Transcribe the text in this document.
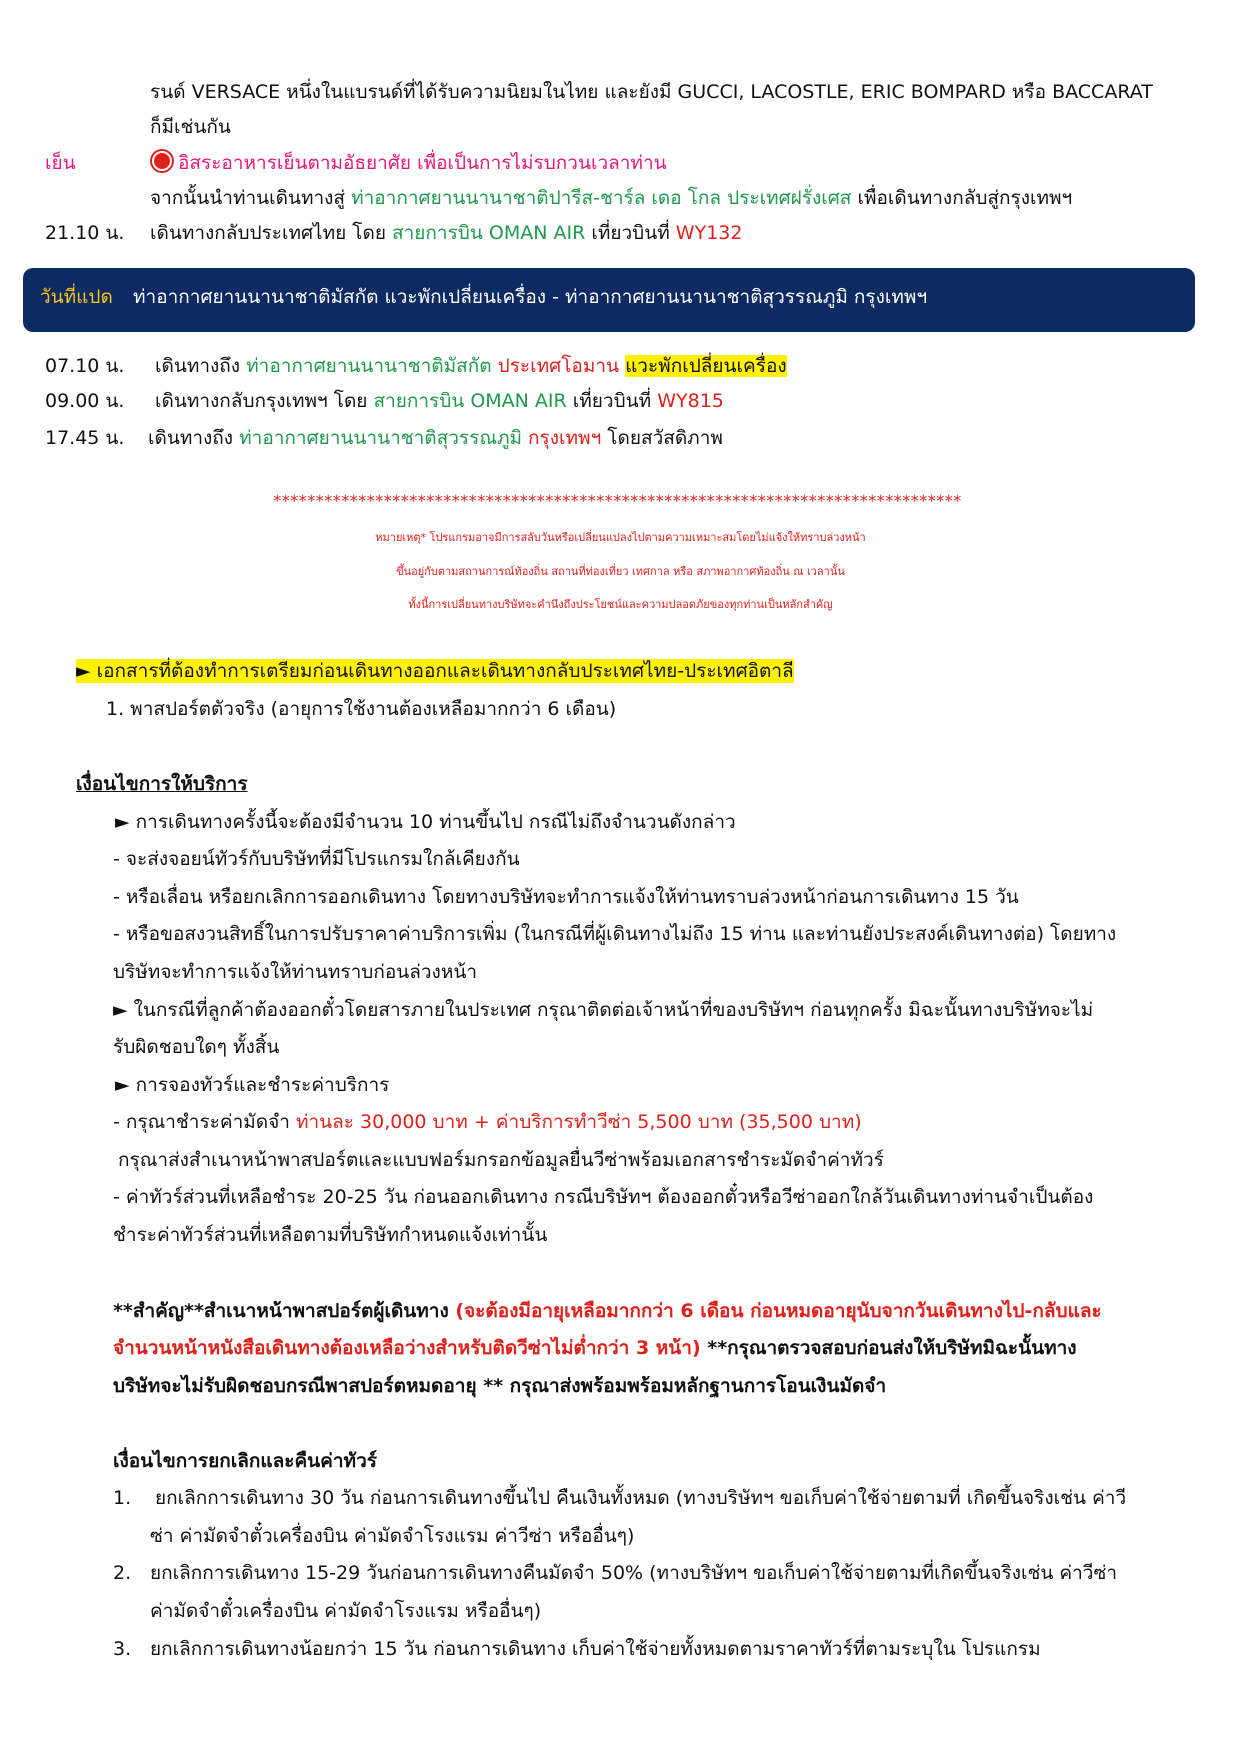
รนด์ VERSACE หนึ่งในแบรนด์ที่ได้รับความนิยมในไทย และยังมี GUCCI, LACOSTLE, ERIC BOMPARD หรือ BACCARAT
ก็มีเช่นกัน
เย็น	อิสระอาหารเย็นตามอัธยาศัย เพื่อเป็นการไม่รบกวนเวลาท่าน
จากนั้นนำท่านเดินทางสู่ ท่าอากาศยานนานาชาติปารีส-ชาร์ล เดอ โกล ประเทศฝรั่งเศส เพื่อเดินทางกลับสู่กรุงเทพฯ
21.10 น. เดินทางกลับประเทศไทย โดย สายการบิน OMAN AIR เที่ยวบินที่ WY132
วันที่แปด ท่าอากาศยานนานาชาติมัสกัต แวะพักเปลี่ยนเครื่อง - ท่าอากาศยานนานาชาติสุวรรณภูมิ กรุงเทพฯ
07.10 น. เดินทางถึง ท่าอากาศยานนานาชาติมัสกัต ประเทศโอมาน แวะพักเปลี่ยนเครื่อง
09.00 น. เดินทางกลับกรุงเทพฯ โดย สายการบิน OMAN AIR เที่ยวบินที่ WY815
17.45 น. เดินทางถึง ท่าอากาศยานนานาชาติสุวรรณภูมิ กรุงเทพฯ โดยสวัสดิภาพ
*********************************************************************************
หมายเหตุ* โปรแกรมอาจมีการสลับวันหรือเปลี่ยนแปลงไปตามความเหมาะสมโดยไม่แจ้งให้ทราบล่วงหน้า
ขึ้นอยู่กับตามสถานการณ์ท้องถิ่น สถานที่ท่องเที่ยว เทศกาล หรือ สภาพอากาศท้องถิ่น ณ เวลานั้น
ทั้งนี้การเปลี่ยนทางบริษัทจะคำนึงถึงประโยชน์และความปลอดภัยของทุกท่านเป็นหลักสำคัญ
► เอกสารที่ต้องทำการเตรียมก่อนเดินทางออกและเดินทางกลับประเทศไทย-ประเทศอิตาลี
1. พาสปอร์ตตัวจริง (อายุการใช้งานต้องเหลือมากกว่า 6 เดือน)
เงื่อนไขการให้บริการ
► การเดินทางครั้งนี้จะต้องมีจำนวน 10 ท่านขึ้นไป กรณีไม่ถึงจำนวนดังกล่าว
- จะส่งจอยน์ทัวร์กับบริษัทที่มีโปรแกรมใกล้เคียงกัน
- หรือเลื่อน หรือยกเลิกการออกเดินทาง โดยทางบริษัทจะทำการแจ้งให้ท่านทราบล่วงหน้าก่อนการเดินทาง 15 วัน
- หรือขอสงวนสิทธิ์ในการปรับราคาค่าบริการเพิ่ม (ในกรณีที่ผู้เดินทางไม่ถึง 15 ท่าน และท่านยังประสงค์เดินทางต่อ) โดยทาง
บริษัทจะทำการแจ้งให้ท่านทราบก่อนล่วงหน้า
► ในกรณีที่ลูกค้าต้องออกตั๋วโดยสารภายในประเทศ กรุณาติดต่อเจ้าหน้าที่ของบริษัทฯ ก่อนทุกครั้ง มิฉะนั้นทางบริษัทจะไม่
รับผิดชอบใดๆ ทั้งสิ้น
► การจองทัวร์และชำระค่าบริการ
- กรุณาชำระค่ามัดจำ ท่านละ 30,000 บาท + ค่าบริการทำวีซ่า 5,500 บาท (35,500 บาท)
กรุณาส่งสำเนาหน้าพาสปอร์ตและแบบฟอร์มกรอกข้อมูลยื่นวีซ่าพร้อมเอกสารชำระมัดจำค่าทัวร์
- ค่าทัวร์ส่วนที่เหลือชำระ 20-25 วัน ก่อนออกเดินทาง กรณีบริษัทฯ ต้องออกตั๋วหรือวีซ่าออกใกล้วันเดินทางท่านจำเป็นต้อง
ชำระค่าทัวร์ส่วนที่เหลือตามที่บริษัทกำหนดแจ้งเท่านั้น
**สำคัญ**สำเนาหน้าพาสปอร์ตผู้เดินทาง (จะต้องมีอายุเหลือมากกว่า 6 เดือน ก่อนหมดอายุนับจากวันเดินทางไป-กลับและ
จำนวนหน้าหนังสือเดินทางต้องเหลือว่างสำหรับติดวีซ่าไม่ต่ำกว่า 3 หน้า) **กรุณาตรวจสอบก่อนส่งให้บริษัทมิฉะนั้นทาง
บริษัทจะไม่รับผิดชอบกรณีพาสปอร์ตหมดอายุ ** กรุณาส่งพร้อมพร้อมหลักฐานการโอนเงินมัดจำ
เงื่อนไขการยกเลิกและคืนค่าทัวร์
1. ยกเลิกการเดินทาง 30 วัน ก่อนการเดินทางขึ้นไป คืนเงินทั้งหมด (ทางบริษัทฯ ขอเก็บค่าใช้จ่ายตามที่ เกิดขึ้นจริงเช่น ค่าวี
ซ่า ค่ามัดจำตั๋วเครื่องบิน ค่ามัดจำโรงแรม ค่าวีซ่า หรืออื่นๆ)
2. ยกเลิกการเดินทาง 15-29 วันก่อนการเดินทางคืนมัดจำ 50% (ทางบริษัทฯ ขอเก็บค่าใช้จ่ายตามที่เกิดขึ้นจริงเช่น ค่าวีซ่า
ค่ามัดจำตั๋วเครื่องบิน ค่ามัดจำโรงแรม หรืออื่นๆ)
3. ยกเลิกการเดินทางน้อยกว่า 15 วัน ก่อนการเดินทาง เก็บค่าใช้จ่ายทั้งหมดตามราคาทัวร์ที่ตามระบุใน โปรแกรม
